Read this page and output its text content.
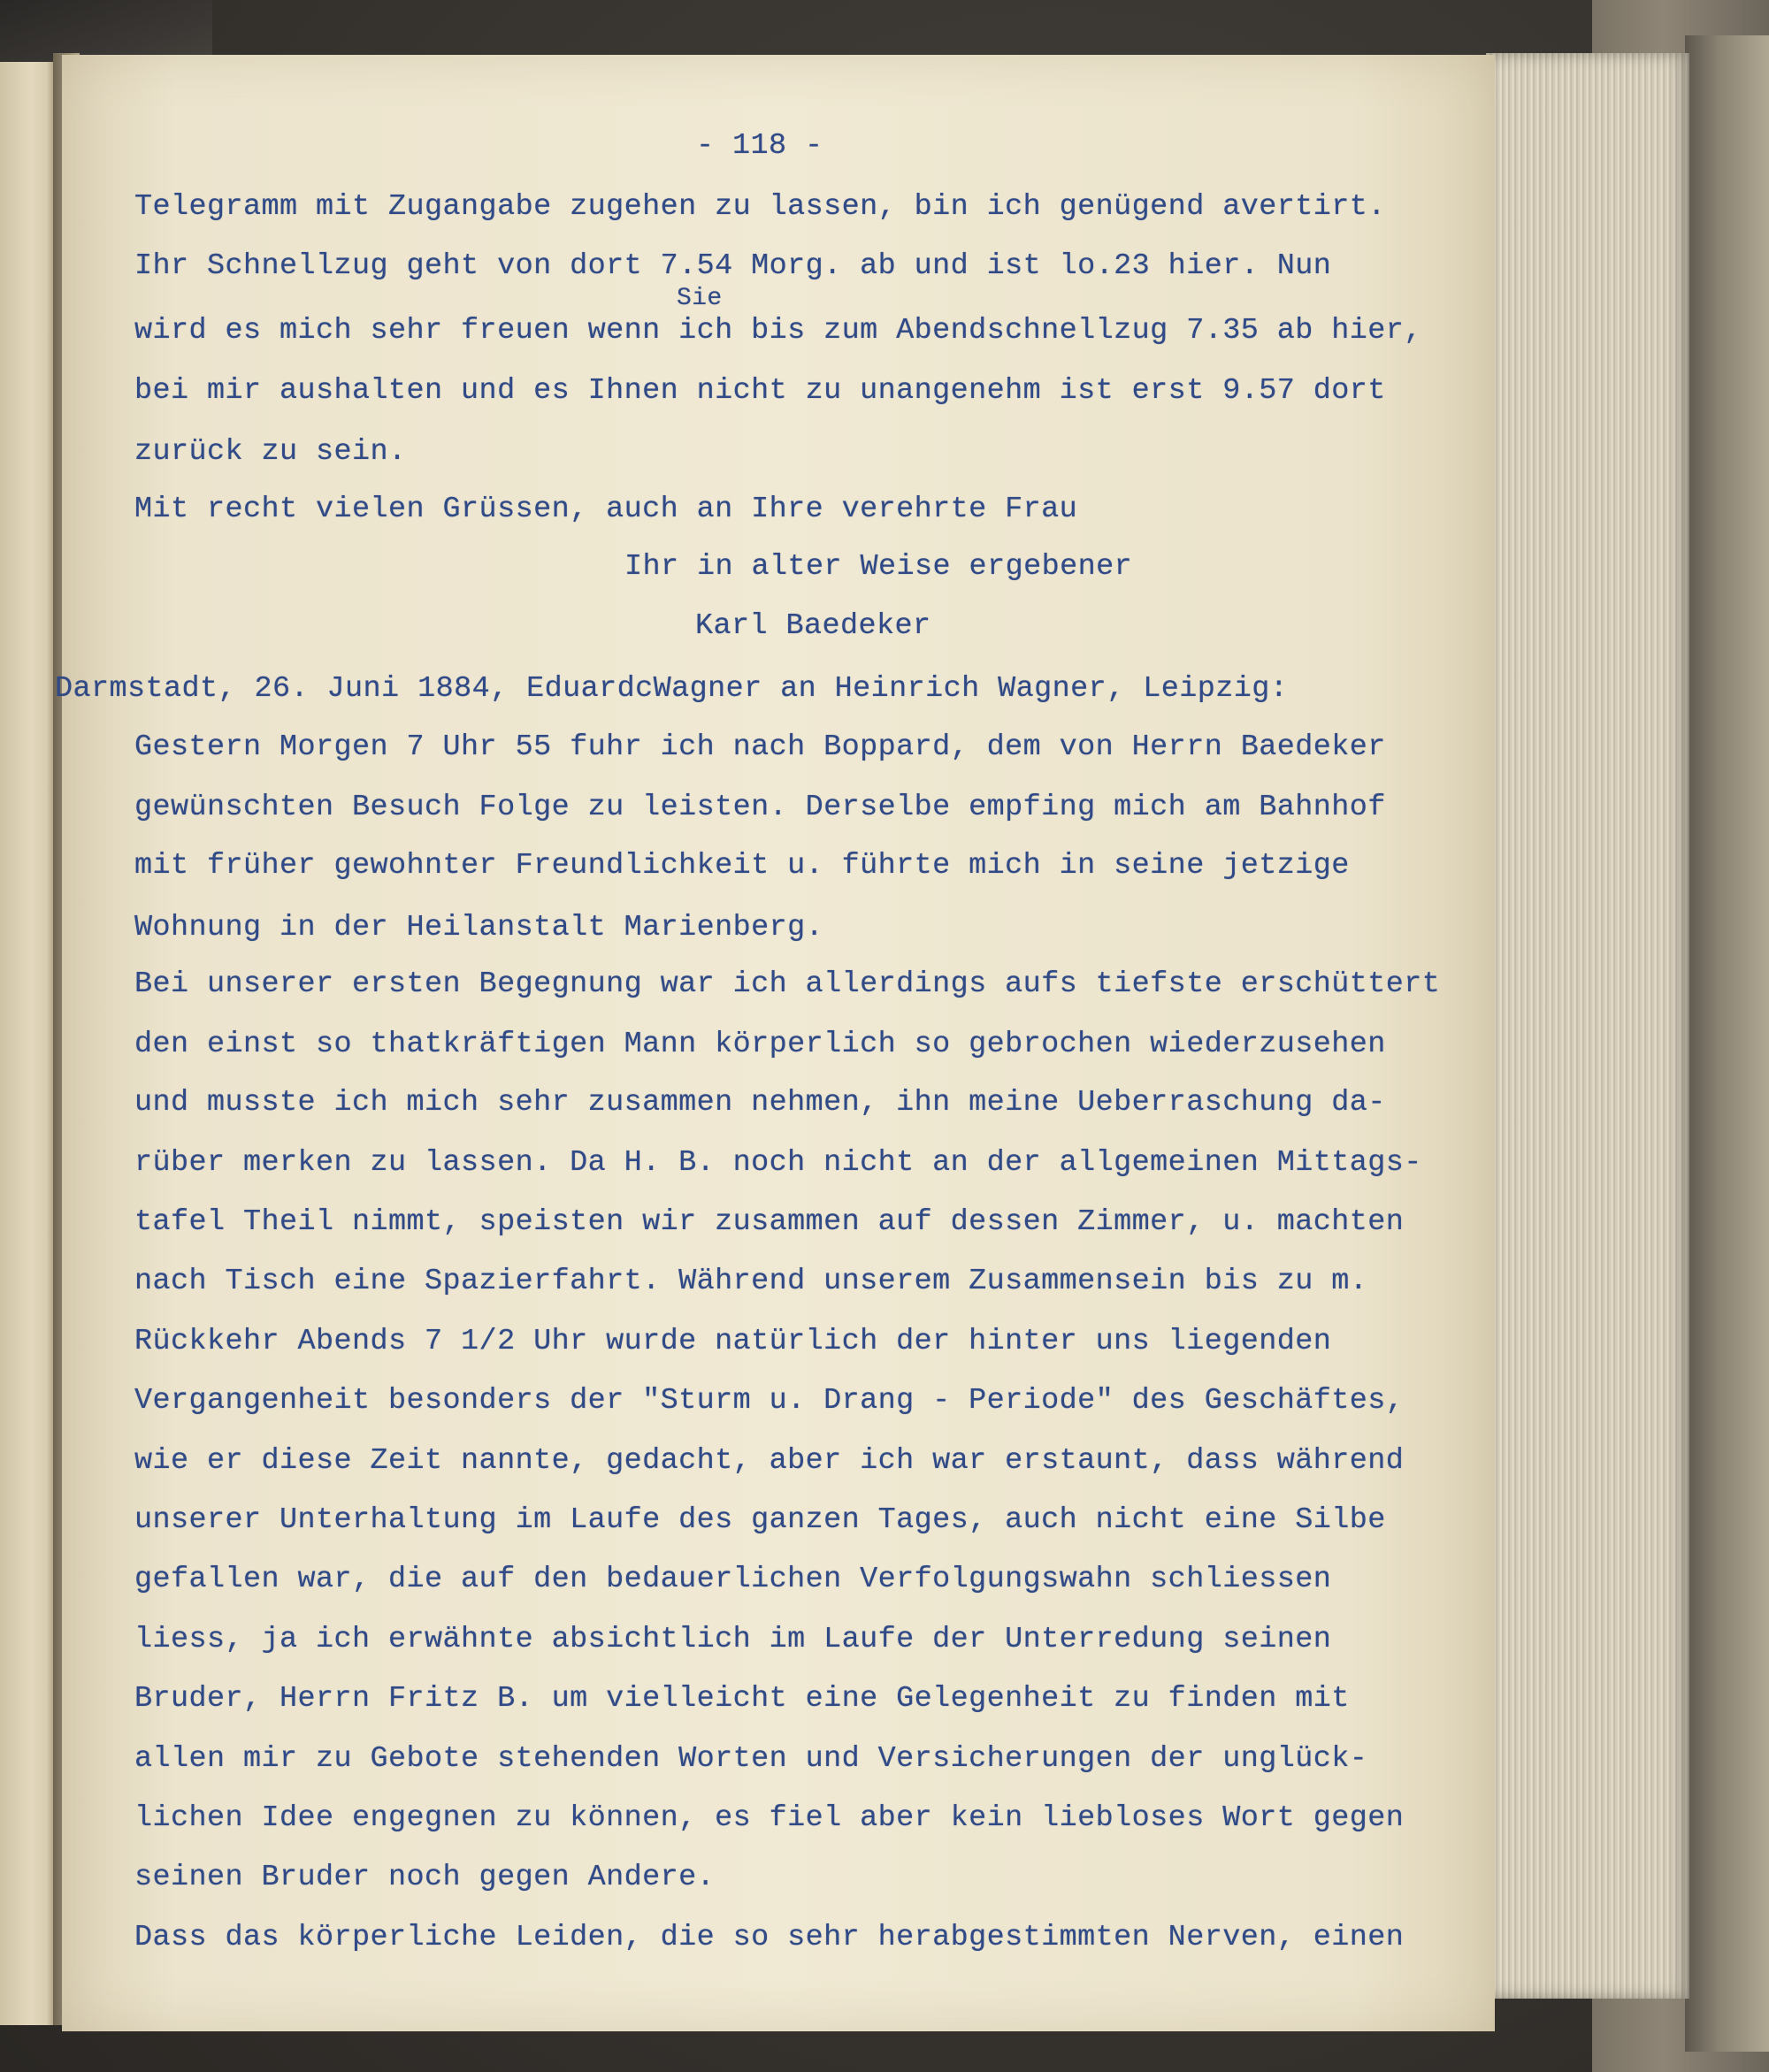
- 118 -
Telegramm mit Zugangabe zugehen zu lassen, bin ich genügend avertirt.
Ihr Schnellzug geht von dort 7.54 Morg. ab und ist lo.23 hier. Nun
Sie
wird es mich sehr freuen wenn ich bis zum Abendschnellzug 7.35 ab hier,
bei mir aushalten und es Ihnen nicht zu unangenehm ist erst 9.57 dort
zurück zu sein.
Mit recht vielen Grüssen, auch an Ihre verehrte Frau
Ihr in alter Weise ergebener
Karl Baedeker
Darmstadt, 26. Juni 1884, EduardcWagner an Heinrich Wagner, Leipzig:
Gestern Morgen 7 Uhr 55 fuhr ich nach Boppard, dem von Herrn Baedeker
gewünschten Besuch Folge zu leisten. Derselbe empfing mich am Bahnhof
mit früher gewohnter Freundlichkeit u. führte mich in seine jetzige
Wohnung in der Heilanstalt Marienberg.
Bei unserer ersten Begegnung war ich allerdings aufs tiefste erschüttert
den einst so thatkräftigen Mann körperlich so gebrochen wiederzusehen
und musste ich mich sehr zusammen nehmen, ihn meine Ueberraschung da-
rüber merken zu lassen. Da H. B. noch nicht an der allgemeinen Mittags-
tafel Theil nimmt, speisten wir zusammen auf dessen Zimmer, u. machten
nach Tisch eine Spazierfahrt. Während unserem Zusammensein bis zu m.
Rückkehr Abends 7 1/2 Uhr wurde natürlich der hinter uns liegenden
Vergangenheit besonders der "Sturm u. Drang - Periode" des Geschäftes,
wie er diese Zeit nannte, gedacht, aber ich war erstaunt, dass während
unserer Unterhaltung im Laufe des ganzen Tages, auch nicht eine Silbe
gefallen war, die auf den bedauerlichen Verfolgungswahn schliessen
liess, ja ich erwähnte absichtlich im Laufe der Unterredung seinen
Bruder, Herrn Fritz B. um vielleicht eine Gelegenheit zu finden mit
allen mir zu Gebote stehenden Worten und Versicherungen der unglück-
lichen Idee engegnen zu können, es fiel aber kein liebloses Wort gegen
seinen Bruder noch gegen Andere.
Dass das körperliche Leiden, die so sehr herabgestimmten Nerven, einen
